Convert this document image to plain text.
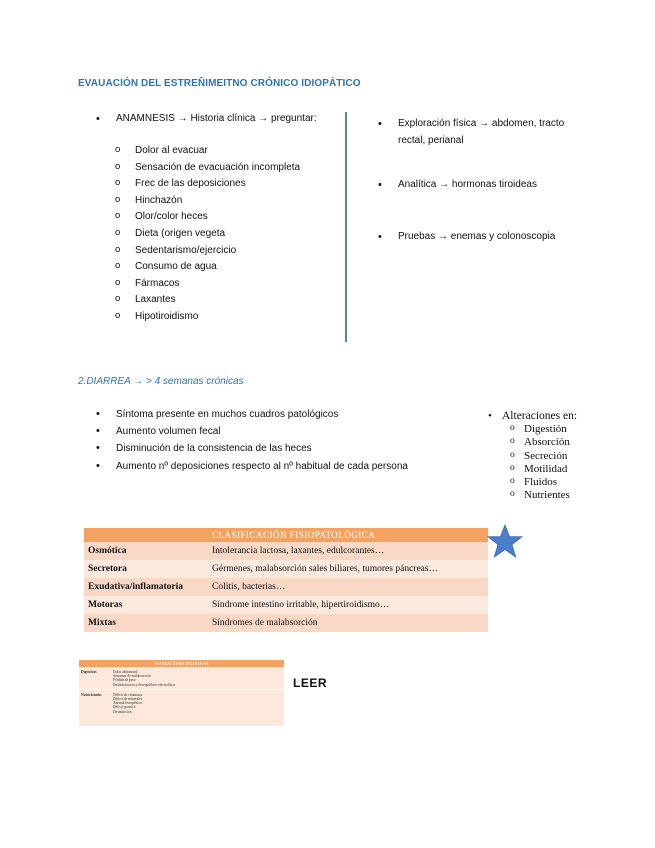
EVAUACIÓN DEL ESTREÑIMEITNO CRÓNICO IDIOPÁTICO
• ANAMNESIS → Historia clínica → preguntar:
o Dolor al evacuar
o Sensación de evacuación incompleta
o Frec de las deposiciones
o Hinchazón
o Olor/color heces
o Dieta (origen vegeta
o Sedentarismo/ejercicio
o Consumo de agua
o Fármacos
o Laxantes
o Hipotiroidismo
• Exploración física → abdomen, tracto rectal, perianal
• Analítica → hormonas tiroideas
• Pruebas → enemas y colonoscopia
2.DIARREA → > 4 semanas crónicas
• Síntoma presente en muchos cuadros patológicos
• Aumento volumen fecal
• Disminución de la consistencia de las heces
• Aumento nº deposiciones respecto al nº habitual de cada persona
• Alteraciones en:
o Digestión
o Absorción
o Secreción
o Motilidad
o Fluidos
o Nutrientes
	CLASIFICACIÓN FISIOPATOLÓGICA
Osmótica	Intolerancia lactosa, laxantes, edulcorantes…
Secretora	Gérmenes, malabsorción sales biliares, tumores páncreas…
Exudativa/inflamatoria	Colitis, bacterias…
Motoras	Síndrome intestino irritable, hipertiroidismo…
Mixtas	Síndromes de malabsorción
ALTERACIONES DIGESTIVAS
Digestivas	Dolor abdominal
Síntomas de malabsorción
Pérdida de peso
Deshidratación y desequilibrio electrolítico
Nutricionales	Déficit de vitaminas
Déficit de minerales
Anemia ferropénica
Déficit proteico
Desnutrición
LEER
